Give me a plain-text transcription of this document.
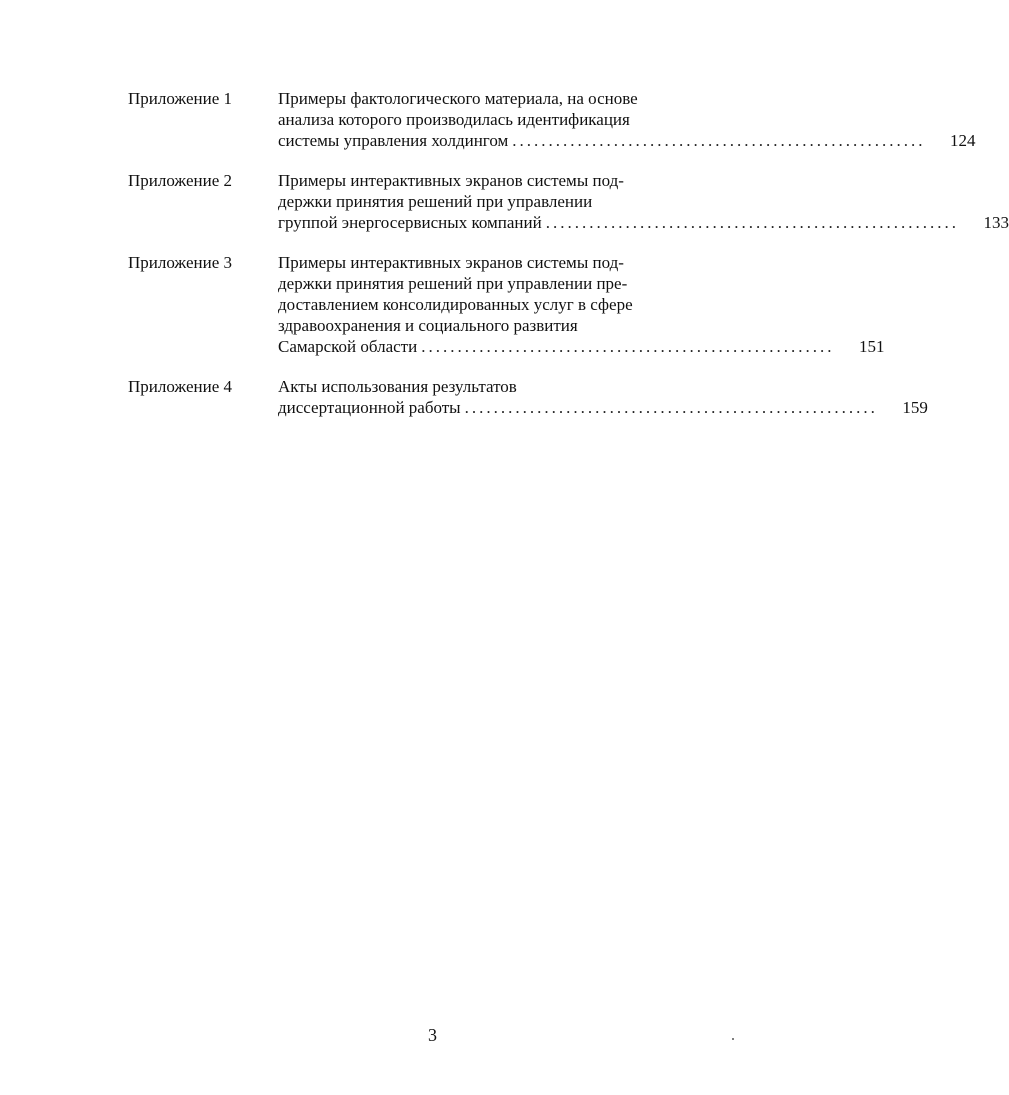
Приложение 1	Примеры фактологического материала, на основе
анализа которого производилась идентификация
системы управления холдингом .........................................................	124
Приложение 2	Примеры интерактивных экранов системы под-
держки принятия решений при управлении
группой энергосервисных компаний .........................................................	133
Приложение 3	Примеры интерактивных экранов системы под-
держки принятия решений при управлении пре-
доставлением консолидированных услуг в сфере
здравоохранения и социального развития
Самарской области .........................................................	151
Приложение 4	Акты использования результатов
диссертационной работы .........................................................	159
3
